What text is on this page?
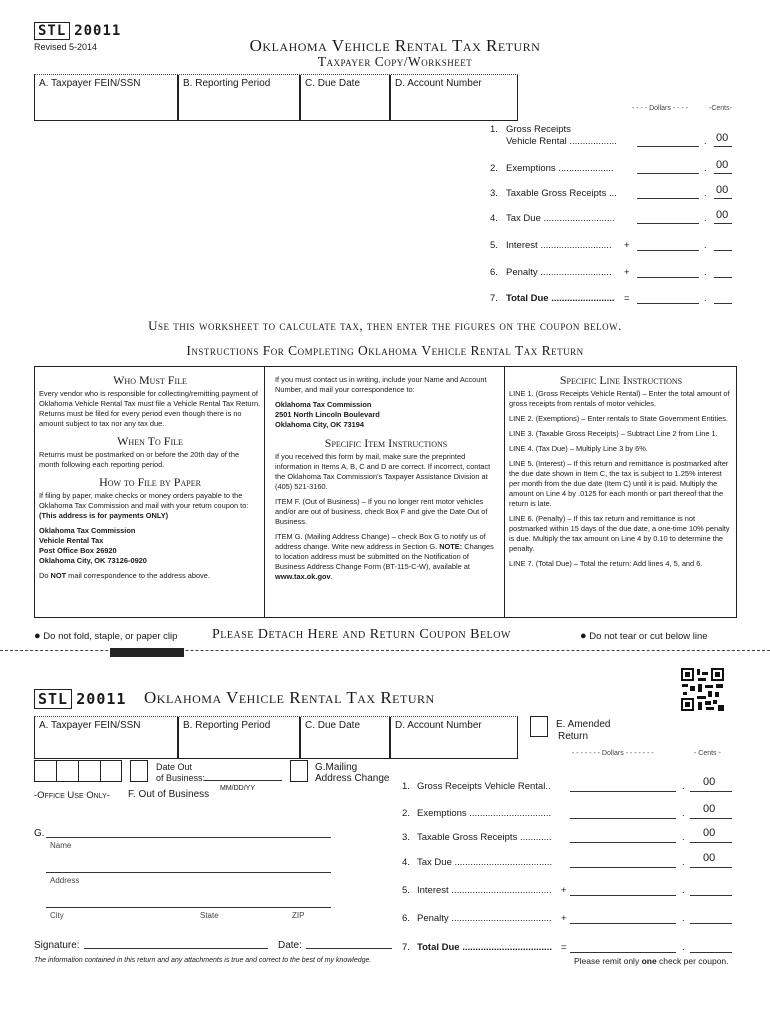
STL 20011
Revised 5-2014	Oklahoma Vehicle Rental Tax Return
Taxpayer Copy/Worksheet
A. Taxpayer FEIN/SSN	B. Reporting Period	C. Due Date	D. Account Number
- - - - Dollars - - - -	-Cents-
1. Gross Receipts
Vehicle Rental ..................	. 00
2. Exemptions .....................	. 00
3. Taxable Gross Receipts ...	. 00
4. Tax Due ...........................	. 00
5. Interest ........................... +	.
6. Penalty ........................... +	.
7. Total Due ........................ =	.
Use this worksheet to calculate tax, then enter the figures on the coupon below.
Instructions For Completing Oklahoma Vehicle Rental Tax Return
Who Must File

Every vendor who is responsible for collecting/remitting payment of Oklahoma Vehicle Rental Tax must file a Vehicle Rental Tax Return. Returns must be filed for every period even though there is no amount subject to tax nor any tax due.

When To File

Returns must be postmarked on or before the 20th day of the month following each reporting period.

How to File by Paper

If filing by paper, make checks or money orders payable to the Oklahoma Tax Commission and mail with your return coupon to: (This address is for payments ONLY)

Oklahoma Tax Commission
Vehicle Rental Tax
Post Office Box 26920
Oklahoma City, OK 73126-0920

Do NOT mail correspondence to the address above.

If you must contact us in writing, include your Name and Account Number, and mail your correspondence to:

Oklahoma Tax Commission
2501 North Lincoln Boulevard
Oklahoma City, OK 73194

Specific Item Instructions

If you received this form by mail, make sure the preprinted information in Items A, B, C and D are correct. If incorrect, contact the Oklahoma Tax Commission's Taxpayer Assistance Division at (405) 521-3160.

ITEM F. (Out of Business) – If you no longer rent motor vehicles and/or are out of business, check Box F and give the Date Out of Business.

ITEM G. (Mailing Address Change) – check Box G to notify us of address change. Write new address in Section G. NOTE: Changes to location address must be submitted on the Notification of Business Address Change Form (BT-115-C-W), available at www.tax.ok.gov.

Specific Line Instructions

LINE 1. (Gross Receipts Vehicle Rental) – Enter the total amount of gross receipts from rentals of motor vehicles.

LINE 2. (Exemptions) – Enter rentals to State Government Entities.

LINE 3. (Taxable Gross Receipts) – Subtract Line 2 from Line 1.

LINE 4. (Tax Due) – Multiply Line 3 by 6%.

LINE 5. (Interest) – If this return and remittance is postmarked after the due date shown in Item C, the tax is subject to 1.25% interest per month from the due date (Item C) until it is paid. Multiply the amount on Line 4 by .0125 for each month or part thereof that the return is late.

LINE 6. (Penalty) – If this tax return and remittance is not postmarked within 15 days of the due date, a one-time 10% penalty is due. Multiply the tax amount on Line 4 by 0.10 to determine the penalty.

LINE 7. (Total Due) – Total the return: Add lines 4, 5, and 6.

● Do not fold, staple, or paper clip Please Detach Here and Return Coupon Below	● Do not tear or cut below line
STL 20011 Oklahoma Vehicle Rental Tax Return
A. Taxpayer FEIN/SSN	B. Reporting Period	C. Due Date	D. Account Number	E. Amended
Return
- - - - - - - Dollars - - - - - - -	- Cents -
Date Out
of Business:
MM/DD/YY
G.Mailing
Address Change
-Office Use Only- F. Out of Business
G.
Name
Address
City	State	ZIP
Signature:	Date:
The information contained in this return and any attachments is true and correct to the best of my knowledge.
1. Gross Receipts Vehicle Rental..	. 00
2. Exemptions ...............................	. 00
3. Taxable Gross Receipts ............	. 00
4. Tax Due .....................................	. 00
5. Interest ...................................... +	.
6. Penalty ...................................... +	.
7. Total Due .................................. =	.
Please remit only one check per coupon.
